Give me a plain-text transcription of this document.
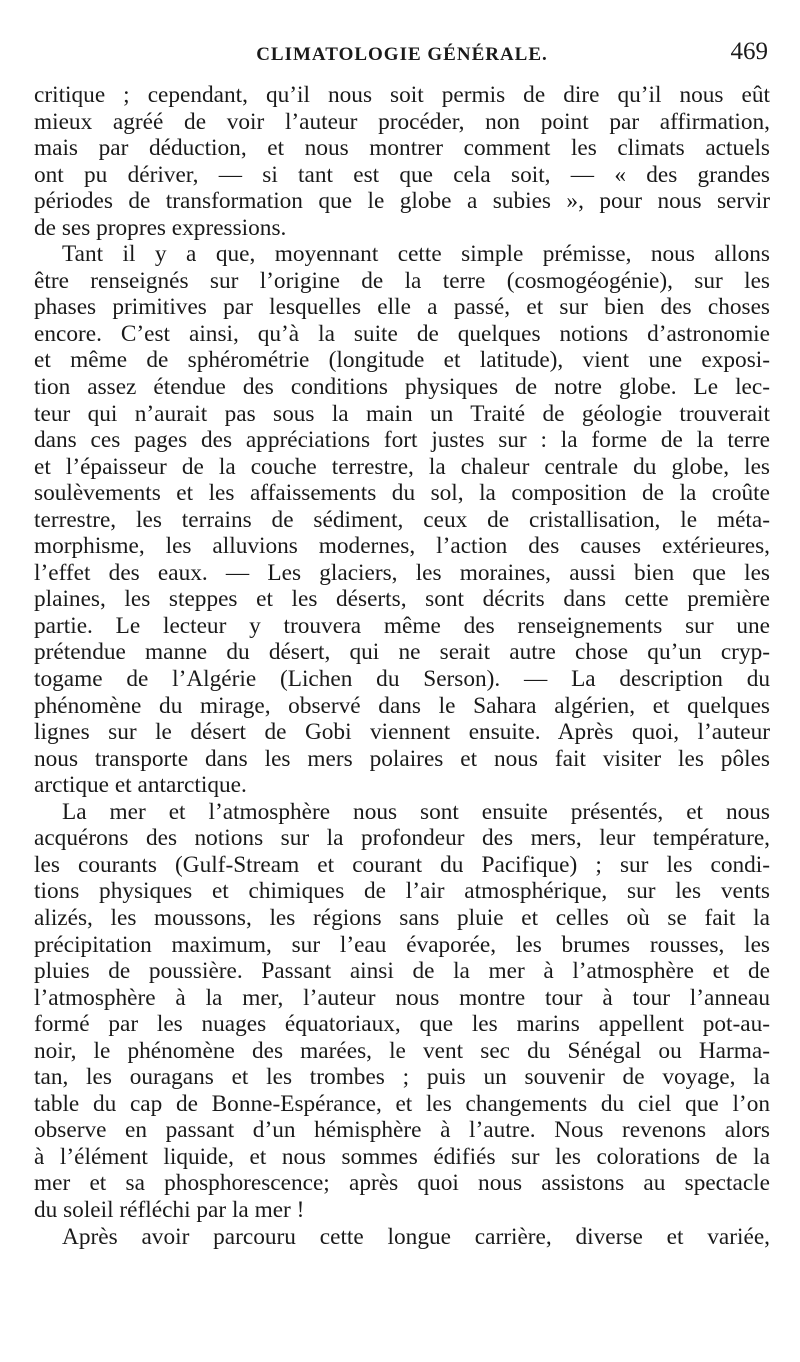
CLIMATOLOGIE GÉNÉRALE.	469
critique ; cependant, qu’il nous soit permis de dire qu’il nous eût
mieux agréé de voir l’auteur procéder, non point par affirmation,
mais par déduction, et nous montrer comment les climats actuels
ont pu dériver, — si tant est que cela soit, — « des grandes
périodes de transformation que le globe a subies », pour nous servir
de ses propres expressions.
Tant il y a que, moyennant cette simple prémisse, nous allons
être renseignés sur l’origine de la terre (cosmogéogénie), sur les
phases primitives par lesquelles elle a passé, et sur bien des choses
encore. C’est ainsi, qu’à la suite de quelques notions d’astronomie
et même de sphérométrie (longitude et latitude), vient une exposi-
tion assez étendue des conditions physiques de notre globe. Le lec-
teur qui n’aurait pas sous la main un Traité de géologie trouverait
dans ces pages des appréciations fort justes sur : la forme de la terre
et l’épaisseur de la couche terrestre, la chaleur centrale du globe, les
soulèvements et les affaissements du sol, la composition de la croûte
terrestre, les terrains de sédiment, ceux de cristallisation, le méta-
morphisme, les alluvions modernes, l’action des causes extérieures,
l’effet des eaux. — Les glaciers, les moraines, aussi bien que les
plaines, les steppes et les déserts, sont décrits dans cette première
partie. Le lecteur y trouvera même des renseignements sur une
prétendue manne du désert, qui ne serait autre chose qu’un cryp-
togame de l’Algérie (Lichen du Serson). — La description du
phénomène du mirage, observé dans le Sahara algérien, et quelques
lignes sur le désert de Gobi viennent ensuite. Après quoi, l’auteur
nous transporte dans les mers polaires et nous fait visiter les pôles
arctique et antarctique.
La mer et l’atmosphère nous sont ensuite présentés, et nous
acquérons des notions sur la profondeur des mers, leur température,
les courants (Gulf-Stream et courant du Pacifique) ; sur les condi-
tions physiques et chimiques de l’air atmosphérique, sur les vents
alizés, les moussons, les régions sans pluie et celles où se fait la
précipitation maximum, sur l’eau évaporée, les brumes rousses, les
pluies de poussière. Passant ainsi de la mer à l’atmosphère et de
l’atmosphère à la mer, l’auteur nous montre tour à tour l’anneau
formé par les nuages équatoriaux, que les marins appellent pot-au-
noir, le phénomène des marées, le vent sec du Sénégal ou Harma-
tan, les ouragans et les trombes ; puis un souvenir de voyage, la
table du cap de Bonne-Espérance, et les changements du ciel que l’on
observe en passant d’un hémisphère à l’autre. Nous revenons alors
à l’élément liquide, et nous sommes édifiés sur les colorations de la
mer et sa phosphorescence; après quoi nous assistons au spectacle
du soleil réfléchi par la mer !
Après avoir parcouru cette longue carrière, diverse et variée,
